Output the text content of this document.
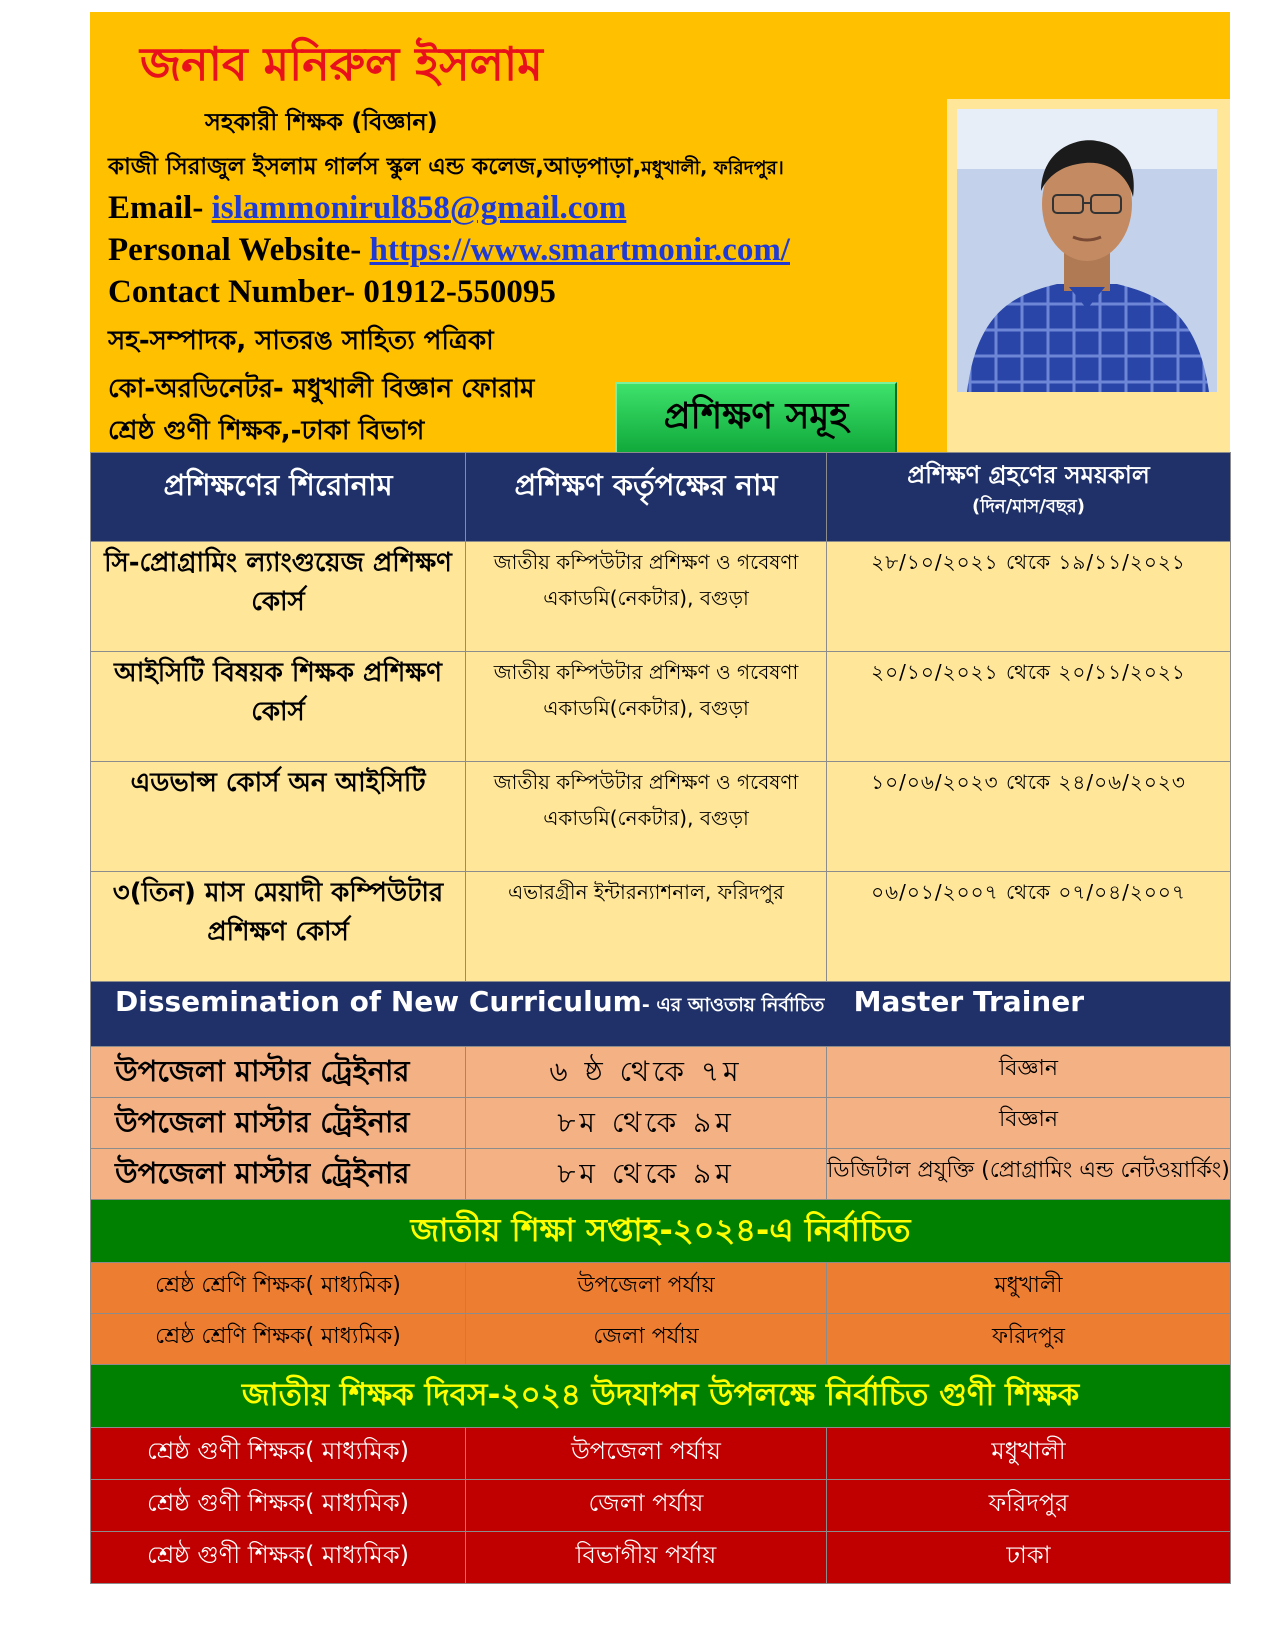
জনাব মনিরুল ইসলাম
সহকারী শিক্ষক (বিজ্ঞান)
কাজী সিরাজুল ইসলাম গার্লস স্কুল এন্ড কলেজ,আড়পাড়া,মধুখালী, ফরিদপুর।
Email- islammonirul858@gmail.com
Personal Website- https://www.smartmonir.com/
Contact Number- 01912-550095
সহ-সম্পাদক, সাতরঙ সাহিত্য পত্রিকা
কো-অরডিনেটর- মধুখালী বিজ্ঞান ফোরাম
শ্রেষ্ঠ গুণী শিক্ষক,-ঢাকা বিভাগ	প্রশিক্ষণ সমূহ
প্রশিক্ষণের শিরোনাম	প্রশিক্ষণ কর্তৃপক্ষের নাম	প্রশিক্ষণ গ্রহণের সময়কাল
(দিন/মাস/বছর)

সি-প্রোগ্রামিং ল্যাংগুয়েজ প্রশিক্ষণ কোর্স	জাতীয় কম্পিউটার প্রশিক্ষণ ও গবেষণা একাডমি(নেকটার), বগুড়া	২৮/১০/২০২১ থেকে ১৯/১১/২০২১
আইসিটি বিষয়ক শিক্ষক প্রশিক্ষণ কোর্স	জাতীয় কম্পিউটার প্রশিক্ষণ ও গবেষণা একাডমি(নেকটার), বগুড়া	২০/১০/২০২১ থেকে ২০/১১/২০২১
এডভান্স কোর্স অন আইসিটি	জাতীয় কম্পিউটার প্রশিক্ষণ ও গবেষণা একাডমি(নেকটার), বগুড়া	১০/০৬/২০২৩ থেকে ২৪/০৬/২০২৩
৩(তিন) মাস মেয়াদী কম্পিউটার প্রশিক্ষণ কোর্স	এভারগ্রীন ইন্টারন্যাশনাল, ফরিদপুর	০৬/০১/২০০৭ থেকে ০৭/০৪/২০০৭
Dissemination of New Curriculum- এর আওতায় নির্বাচিত Master Trainer		
উপজেলা মাস্টার ট্রেইনার	৬ ষ্ঠ থেকে ৭ম	বিজ্ঞান
উপজেলা মাস্টার ট্রেইনার	৮ম থেকে ৯ম	বিজ্ঞান
উপজেলা মাস্টার ট্রেইনার	৮ম থেকে ৯ম	ডিজিটাল প্রযুক্তি (প্রোগ্রামিং এন্ড নেটওয়ার্কিং)
জাতীয় শিক্ষা সপ্তাহ-২০২৪-এ নির্বাচিত		
শ্রেষ্ঠ শ্রেণি শিক্ষক( মাধ্যমিক)	উপজেলা পর্যায়	মধুখালী
শ্রেষ্ঠ শ্রেণি শিক্ষক( মাধ্যমিক)	জেলা পর্যায়	ফরিদপুর
জাতীয় শিক্ষক দিবস-২০২৪ উদযাপন উপলক্ষে নির্বাচিত গুণী শিক্ষক		
শ্রেষ্ঠ গুণী শিক্ষক( মাধ্যমিক)	উপজেলা পর্যায়	মধুখালী
শ্রেষ্ঠ গুণী শিক্ষক( মাধ্যমিক)	জেলা পর্যায়	ফরিদপুর
শ্রেষ্ঠ গুণী শিক্ষক( মাধ্যমিক)	বিভাগীয় পর্যায়	ঢাকা
